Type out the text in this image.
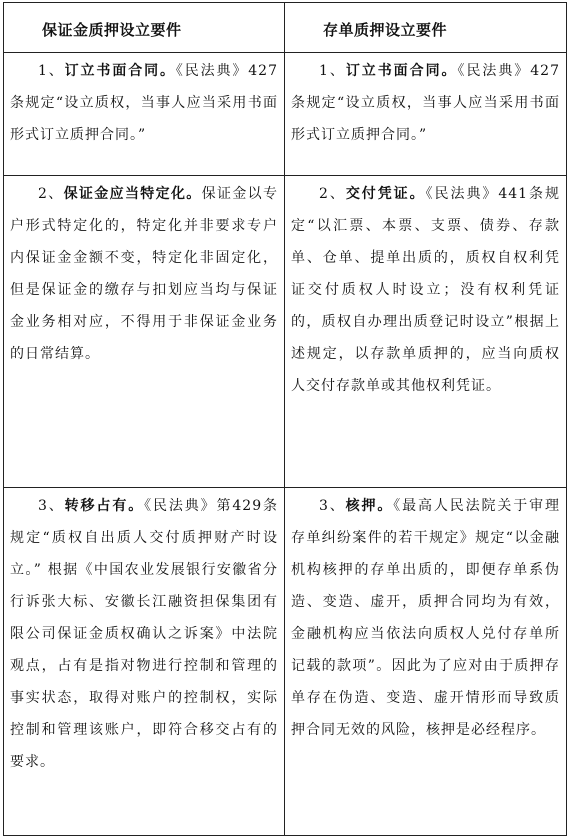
保证金质押设立要件	存单质押设立要件

1、订立书面合同。《民法典》427条规定“设立质权，当事人应当采用书面形式订立质押合同。”	1、订立书面合同。《民法典》427条规定“设立质权，当事人应当采用书面形式订立质押合同。”

2、保证金应当特定化。保证金以专户形式特定化的，特定化并非要求专户内保证金金额不变，特定化非固定化，但是保证金的缴存与扣划应当均与保证金业务相对应，不得用于非保证金业务的日常结算。	2、交付凭证。《民法典》441条规定“以汇票、本票、支票、债券、存款单、仓单、提单出质的，质权自权利凭证交付质权人时设立；没有权利凭证的，质权自办理出质登记时设立”根据上述规定，以存款单质押的，应当向质权人交付存款单或其他权利凭证。

3、转移占有。《民法典》第429条规定“质权自出质人交付质押财产时设立。” 根据《中国农业发展银行安徽省分行诉张大标、安徽长江融资担保集团有限公司保证金质权确认之诉案》中法院观点，占有是指对物进行控制和管理的事实状态，取得对账户的控制权，实际控制和管理该账户，即符合移交占有的要求。	3、核押。《最高人民法院关于审理存单纠纷案件的若干规定》规定“以金融机构核押的存单出质的，即便存单系伪造、变造、虚开，质押合同均为有效，金融机构应当依法向质权人兑付存单所记载的款项”。因此为了应对由于质押存单存在伪造、变造、虚开情形而导致质押合同无效的风险，核押是必经程序。
